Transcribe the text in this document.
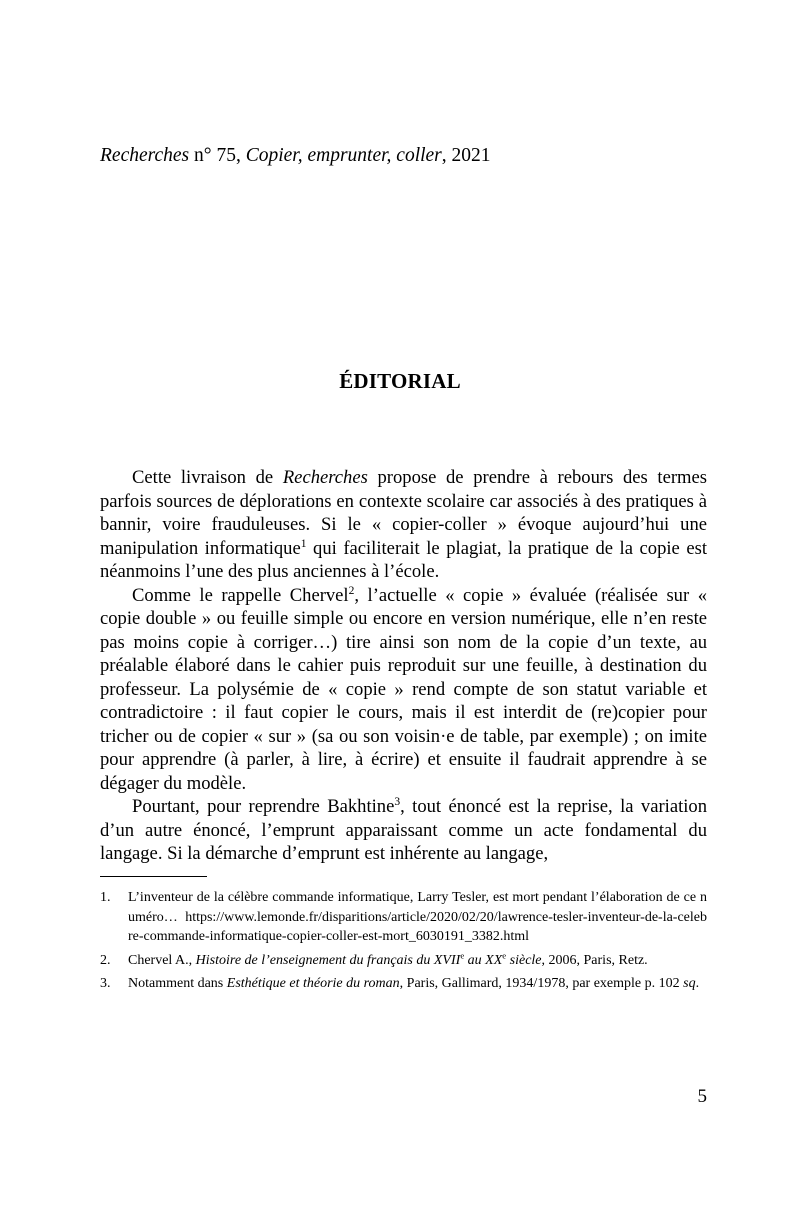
Recherches n° 75, Copier, emprunter, coller, 2021
ÉDITORIAL

Cette livraison de Recherches propose de prendre à rebours des termes parfois sources de déplorations en contexte scolaire car associés à des pratiques à bannir, voire frauduleuses. Si le « copier-coller » évoque aujourd’hui une manipulation informatique$^1$ qui faciliterait le plagiat, la pratique de la copie est néanmoins l’une des plus anciennes à l’école.

Comme le rappelle Chervel$^2$, l’actuelle « copie » évaluée (réalisée sur « copie double » ou feuille simple ou encore en version numérique, elle n’en reste pas moins copie à corriger…) tire ainsi son nom de la copie d’un texte, au préalable élaboré dans le cahier puis reproduit sur une feuille, à destination du professeur. La polysémie de « copie » rend compte de son statut variable et contradictoire : il faut copier le cours, mais il est interdit de (re)copier pour tricher ou de copier « sur » (sa ou son voisin·e de table, par exemple) ; on imite pour apprendre (à parler, à lire, à écrire) et ensuite il faudrait apprendre à se dégager du modèle.

Pourtant, pour reprendre Bakhtine$^3$, tout énoncé est la reprise, la variation d’un autre énoncé, l’emprunt apparaissant comme un acte fondamental du langage. Si la démarche d’emprunt est inhérente au langage,

1.	L’inventeur de la célèbre commande informatique, Larry Tesler, est mort pendant l’élaboration de ce numéro… https://www.lemonde.fr/disparitions/article/2020/02/20/lawrence-tesler-inventeur-de-la-celebre-commande-informatique-copier-coller-est-mort_6030191_3382.html
2.	Chervel A., Histoire de l’enseignement du français du XVIIe au XXe siècle, 2006, Paris, Retz.
3.	Notamment dans Esthétique et théorie du roman, Paris, Gallimard, 1934/1978, par exemple p. 102 sq.
5
